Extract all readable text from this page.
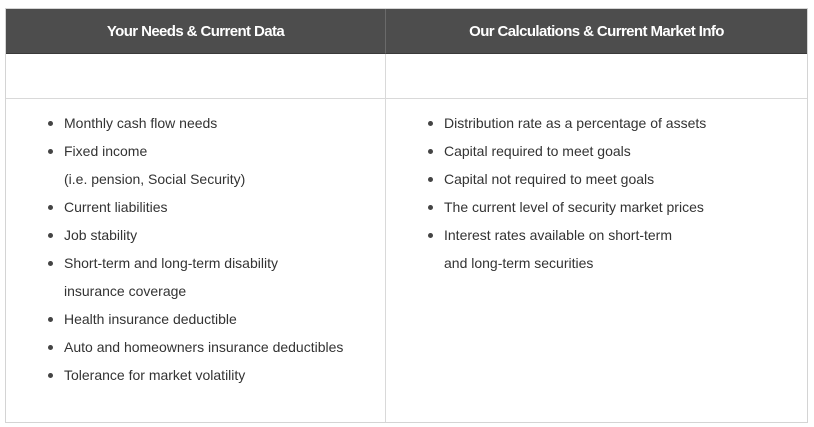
Your Needs & Current Data	Our Calculations & Current Market Info
Monthly cash flow needs
Fixed income
(i.e. pension, Social Security)
Current liabilities
Job stability
Short-term and long-term disability
insurance coverage
Health insurance deductible
Auto and homeowners insurance deductibles
Tolerance for market volatility
Distribution rate as a percentage of assets
Capital required to meet goals
Capital not required to meet goals
The current level of security market prices
Interest rates available on short-term
and long-term securities
